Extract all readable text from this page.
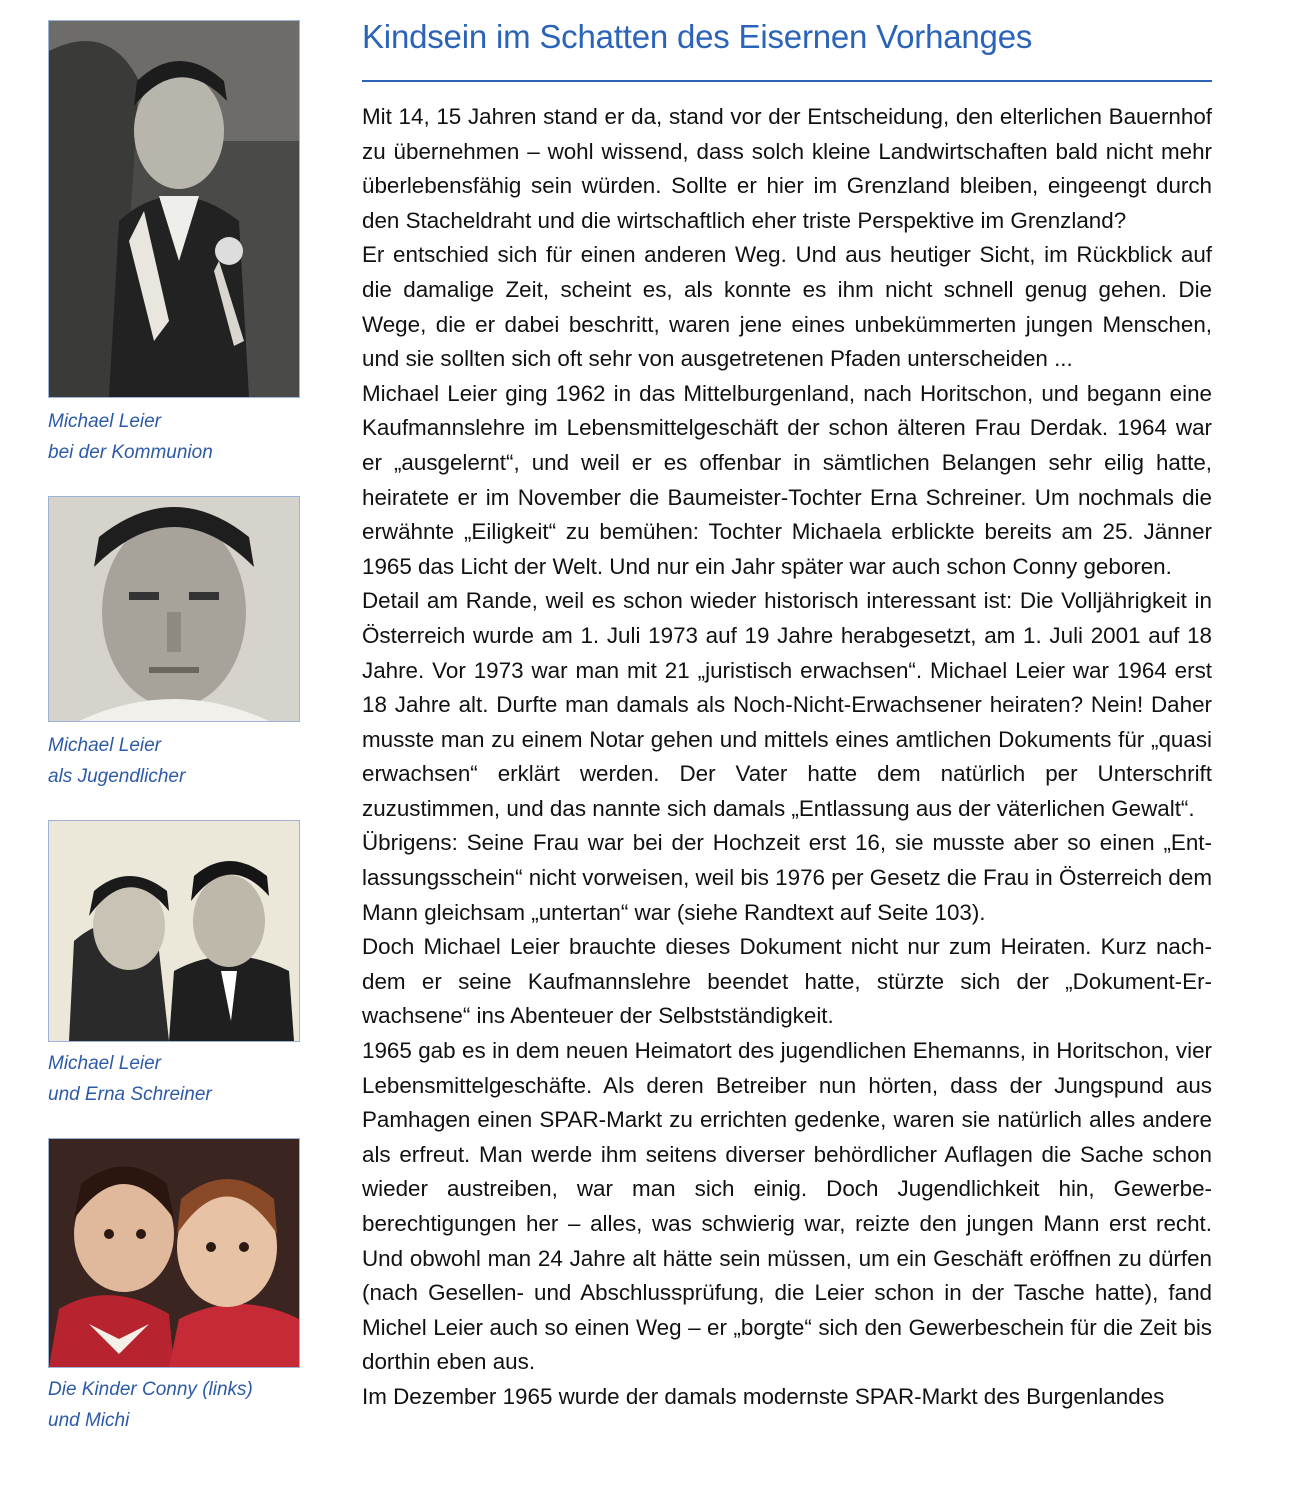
Michael Leier
bei der Kommunion
Michael Leier
als Jugendlicher
Michael Leier
und Erna Schreiner
Die Kinder Conny (links)
und Michi
Kindsein im Schatten des Eisernen Vorhanges

Mit 14, 15 Jahren stand er da, stand vor der Entscheidung, den elterlichen Bauernhof zu übernehmen – wohl wissend, dass solch kleine Landwirtschaften bald nicht mehr überlebensfähig sein würden. Sollte er hier im Grenzland bleiben, eingeengt durch den Stacheldraht und die wirtschaftlich eher triste Perspektive im Grenzland?

Er entschied sich für einen anderen Weg. Und aus heutiger Sicht, im Rückblick auf die damalige Zeit, scheint es, als konnte es ihm nicht schnell genug gehen. Die Wege, die er dabei beschritt, waren jene eines unbekümmerten jungen Menschen, und sie sollten sich oft sehr von ausgetretenen Pfaden unterscheiden ...

Michael Leier ging 1962 in das Mittelburgenland, nach Horitschon, und begann eine Kaufmannslehre im Lebensmittelgeschäft der schon älteren Frau Derdak. 1964 war er „ausgelernt“, und weil er es offenbar in sämtlichen Belangen sehr eilig hatte, heiratete er im November die Baumeister-Tochter Erna Schreiner. Um nochmals die erwähnte „Eiligkeit“ zu bemühen: Tochter Michaela erblickte bereits am 25. Jänner 1965 das Licht der Welt. Und nur ein Jahr später war auch schon Conny geboren.

Detail am Rande, weil es schon wieder historisch interessant ist: Die Volljährigkeit in Österreich wurde am 1. Juli 1973 auf 19 Jahre herabgesetzt, am 1. Juli 2001 auf 18 Jahre. Vor 1973 war man mit 21 „juristisch erwachsen“. Michael Leier war 1964 erst 18 Jahre alt. Durfte man damals als Noch-Nicht-Erwachsener heiraten? Nein! Daher musste man zu einem Notar gehen und mittels eines amtlichen Dokuments für „quasi erwachsen“ erklärt werden. Der Vater hatte dem natürlich per Unterschrift zuzustimmen, und das nannte sich damals „Entlassung aus der väterlichen Gewalt“.

Übrigens: Seine Frau war bei der Hochzeit erst 16, sie musste aber so einen „Entlassungsschein“ nicht vorweisen, weil bis 1976 per Gesetz die Frau in Österreich dem Mann gleichsam „untertan“ war (siehe Randtext auf Seite 103).

Doch Michael Leier brauchte dieses Dokument nicht nur zum Heiraten. Kurz nachdem er seine Kaufmannslehre beendet hatte, stürzte sich der „Dokument-Erwachsene“ ins Abenteuer der Selbstständigkeit.

1965 gab es in dem neuen Heimatort des jugendlichen Ehemanns, in Horitschon, vier Lebensmittelgeschäfte. Als deren Betreiber nun hörten, dass der Jungspund aus Pamhagen einen SPAR-Markt zu errichten gedenke, waren sie natürlich alles andere als erfreut. Man werde ihm seitens diverser behördlicher Auflagen die Sache schon wieder austreiben, war man sich einig. Doch Jugendlichkeit hin, Gewerbeberechtigungen her – alles, was schwierig war, reizte den jungen Mann erst recht. Und obwohl man 24 Jahre alt hätte sein müssen, um ein Geschäft eröffnen zu dürfen (nach Gesellen- und Abschlussprüfung, die Leier schon in der Tasche hatte), fand Michel Leier auch so einen Weg – er „borgte“ sich den Gewerbeschein für die Zeit bis dorthin eben aus.

Im Dezember 1965 wurde der damals modernste SPAR-Markt des Burgenlandes
